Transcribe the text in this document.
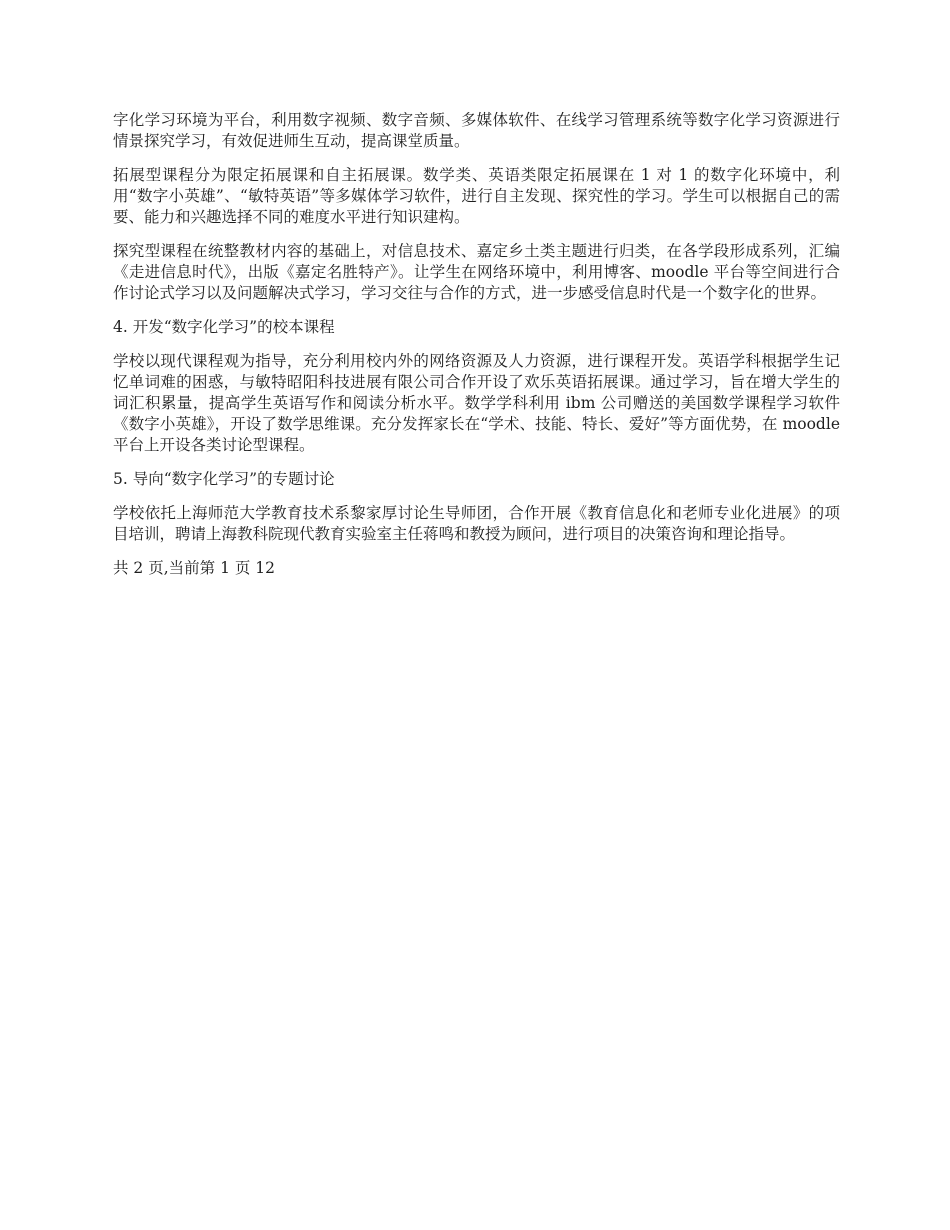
字化学习环境为平台，利用数字视频、数字音频、多媒体软件、在线学习管理系统等数字化学习资源进行情景探究学习，有效促进师生互动，提高课堂质量。

拓展型课程分为限定拓展课和自主拓展课。数学类、英语类限定拓展课在 1 对 1 的数字化环境中，利用“数字小英雄”、“敏特英语”等多媒体学习软件，进行自主发现、探究性的学习。学生可以根据自己的需要、能力和兴趣选择不同的难度水平进行知识建构。

探究型课程在统整教材内容的基础上，对信息技术、嘉定乡土类主题进行归类，在各学段形成系列，汇编《走进信息时代》，出版《嘉定名胜特产》。让学生在网络环境中，利用博客、moodle 平台等空间进行合作讨论式学习以及问题解决式学习，学习交往与合作的方式，进一步感受信息时代是一个数字化的世界。

4. 开发“数字化学习”的校本课程

学校以现代课程观为指导，充分利用校内外的网络资源及人力资源，进行课程开发。英语学科根据学生记忆单词难的困惑，与敏特昭阳科技进展有限公司合作开设了欢乐英语拓展课。通过学习，旨在增大学生的词汇积累量，提高学生英语写作和阅读分析水平。数学学科利用 ibm 公司赠送的美国数学课程学习软件《数字小英雄》，开设了数学思维课。充分发挥家长在“学术、技能、特长、爱好”等方面优势，在 moodle 平台上开设各类讨论型课程。

5. 导向“数字化学习”的专题讨论

学校依托上海师范大学教育技术系黎家厚讨论生导师团，合作开展《教育信息化和老师专业化进展》的项目培训，聘请上海教科院现代教育实验室主任蒋鸣和教授为顾问，进行项目的决策咨询和理论指导。

共 2 页,当前第 1 页 12
